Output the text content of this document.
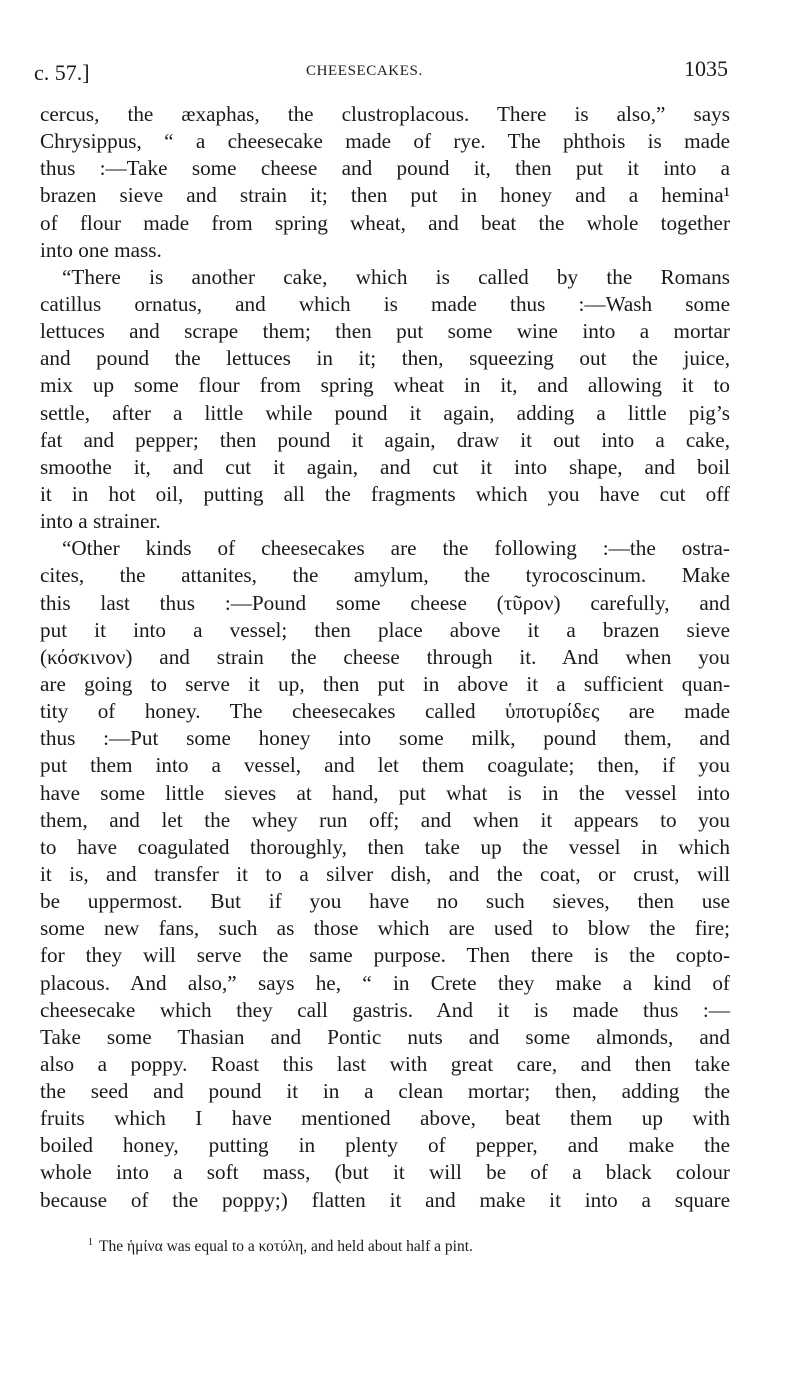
c. 57.]	CHEESECAKES.	1035
cercus, the æxaphas, the clustroplacous. There is also,” says
Chrysippus, “ a cheesecake made of rye. The phthois is made
thus :—Take some cheese and pound it, then put it into a
brazen sieve and strain it; then put in honey and a hemina¹
of flour made from spring wheat, and beat the whole together
into one mass.
“There is another cake, which is called by the Romans
catillus ornatus, and which is made thus :—Wash some
lettuces and scrape them; then put some wine into a mortar
and pound the lettuces in it; then, squeezing out the juice,
mix up some flour from spring wheat in it, and allowing it to
settle, after a little while pound it again, adding a little pig’s
fat and pepper; then pound it again, draw it out into a cake,
smoothe it, and cut it again, and cut it into shape, and boil
it in hot oil, putting all the fragments which you have cut off
into a strainer.
“Other kinds of cheesecakes are the following :—the ostra-
cites, the attanites, the amylum, the tyrocoscinum. Make
this last thus :—Pound some cheese (τῦρον) carefully, and
put it into a vessel; then place above it a brazen sieve
(κόσκινον) and strain the cheese through it. And when you
are going to serve it up, then put in above it a sufficient quan-
tity of honey. The cheesecakes called ὑποτυρίδες are made
thus :—Put some honey into some milk, pound them, and
put them into a vessel, and let them coagulate; then, if you
have some little sieves at hand, put what is in the vessel into
them, and let the whey run off; and when it appears to you
to have coagulated thoroughly, then take up the vessel in which
it is, and transfer it to a silver dish, and the coat, or crust, will
be uppermost. But if you have no such sieves, then use
some new fans, such as those which are used to blow the fire;
for they will serve the same purpose. Then there is the copto-
placous. And also,” says he, “ in Crete they make a kind of
cheesecake which they call gastris. And it is made thus :—
Take some Thasian and Pontic nuts and some almonds, and
also a poppy. Roast this last with great care, and then take
the seed and pound it in a clean mortar; then, adding the
fruits which I have mentioned above, beat them up with
boiled honey, putting in plenty of pepper, and make the
whole into a soft mass, (but it will be of a black colour
because of the poppy;) flatten it and make it into a square
$^1$ The ἡμίνα was equal to a κοτύλη, and held about half a pint.
